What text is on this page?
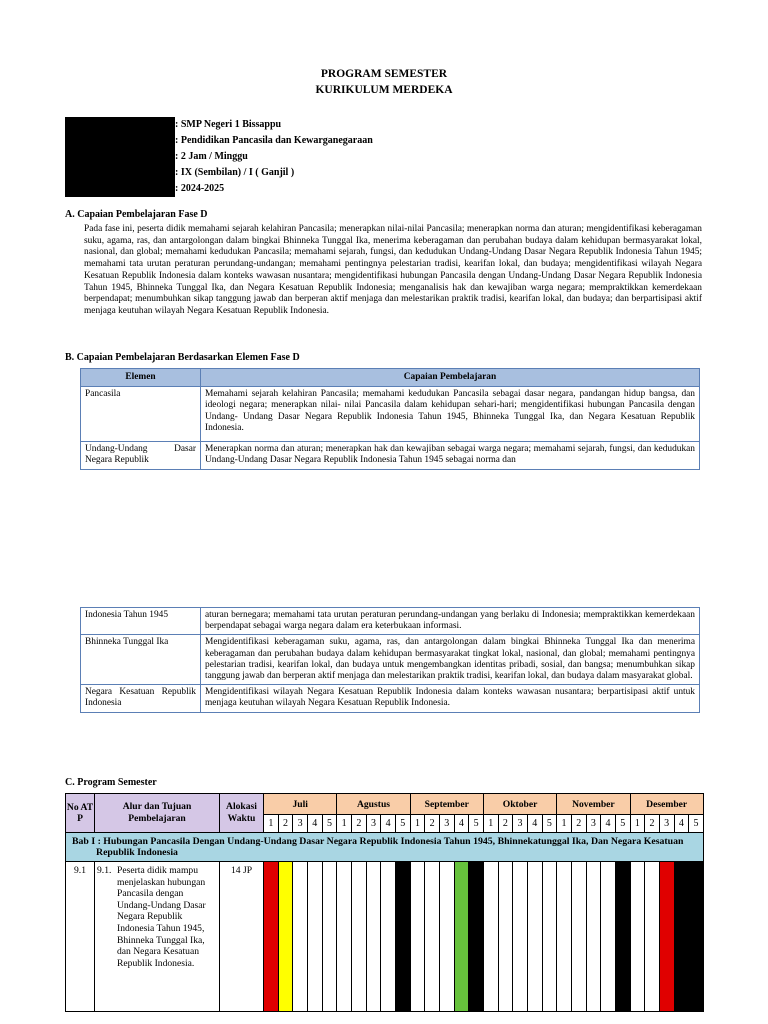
PROGRAM SEMESTER
KURIKULUM MERDEKA
Sekolah	: SMP Negeri 1 Bissappu
Mata Pelajaran	: Pendidikan Pancasila dan Kewarganegaraan
Alokasi Waktu	: 2 Jam / Minggu
Fase D Kelas/Semester	: IX (Sembilan) / I ( Ganjil )
Tahun Pelajaran	: 2024-2025
A. Capaian Pembelajaran Fase D
Pada fase ini, peserta didik memahami sejarah kelahiran Pancasila; menerapkan nilai-nilai Pancasila; menerapkan norma dan aturan; mengidentifikasi keberagaman suku, agama, ras, dan antargolongan dalam bingkai Bhinneka Tunggal Ika, menerima keberagaman dan perubahan budaya dalam kehidupan bermasyarakat lokal, nasional, dan global; memahami kedudukan Pancasila; memahami sejarah, fungsi, dan kedudukan Undang-Undang Dasar Negara Republik Indonesia Tahun 1945; memahami tata urutan peraturan perundang-undangan; memahami pentingnya pelestarian tradisi, kearifan lokal, dan budaya; mengidentifikasi wilayah Negara Kesatuan Republik Indonesia dalam konteks wawasan nusantara; mengidentifikasi hubungan Pancasila dengan Undang-Undang Dasar Negara Republik Indonesia Tahun 1945, Bhinneka Tunggal Ika, dan Negara Kesatuan Republik Indonesia; menganalisis hak dan kewajiban warga negara; mempraktikkan kemerdekaan berpendapat; menumbuhkan sikap tanggung jawab dan berperan aktif menjaga dan melestarikan praktik tradisi, kearifan lokal, dan budaya; dan berpartisipasi aktif menjaga keutuhan wilayah Negara Kesatuan Republik Indonesia.
B. Capaian Pembelajaran Berdasarkan Elemen Fase D
Elemen	Capaian Pembelajaran
Pancasila	Memahami sejarah kelahiran Pancasila; memahami kedudukan Pancasila sebagai dasar negara, pandangan hidup bangsa, dan ideologi negara; menerapkan nilai- nilai Pancasila dalam kehidupan sehari-hari; mengidentifikasi hubungan Pancasila dengan Undang- Undang Dasar Negara Republik Indonesia Tahun 1945, Bhinneka Tunggal Ika, dan Negara Kesatuan Republik Indonesia.
Undang-Undang Dasar Negara Republik	Menerapkan norma dan aturan; menerapkan hak dan kewajiban sebagai warga negara; memahami sejarah, fungsi, dan kedudukan Undang-Undang Dasar Negara Republik Indonesia Tahun 1945 sebagai norma dan
Indonesia Tahun 1945	aturan bernegara; memahami tata urutan peraturan perundang-undangan yang berlaku di Indonesia; mempraktikkan kemerdekaan berpendapat sebagai warga negara dalam era keterbukaan informasi.
Bhinneka Tunggal Ika	Mengidentifikasi keberagaman suku, agama, ras, dan antargolongan dalam bingkai Bhinneka Tunggal Ika dan menerima keberagaman dan perubahan budaya dalam kehidupan bermasyarakat tingkat lokal, nasional, dan global; memahami pentingnya pelestarian tradisi, kearifan lokal, dan budaya untuk mengembangkan identitas pribadi, sosial, dan bangsa; menumbuhkan sikap tanggung jawab dan berperan aktif menjaga dan melestarikan praktik tradisi, kearifan lokal, dan budaya dalam masyarakat global.
Negara Kesatuan Republik Indonesia	Mengidentifikasi wilayah Negara Kesatuan Republik Indonesia dalam konteks wawasan nusantara; berpartisipasi aktif untuk menjaga keutuhan wilayah Negara Kesatuan Republik Indonesia.
C. Program Semester
No AT P	Alur dan Tujuan Pembelajaran	Alokasi Waktu	Juli					Agustus					September					Oktober					November					Desember				
			1	2	3	4	5	1	2	3	4	5	1	2	3	4	5	1	2	3	4	5	1	2	3	4	5	1	2	3	4	5
Bab I : Hubungan Pancasila Dengan Undang-Undang Dasar Negara Republik Indonesia Tahun 1945, Bhinnekatunggal Ika, Dan Negara Kesatuan Republik Indonesia																																
9.1	9.1. Peserta didik mampu menjelaskan hubungan Pancasila dengan Undang-Undang Dasar Negara Republik Indonesia Tahun 1945, Bhinneka Tunggal Ika, dan Negara Kesatuan Republik Indonesia.	14 JP																														
